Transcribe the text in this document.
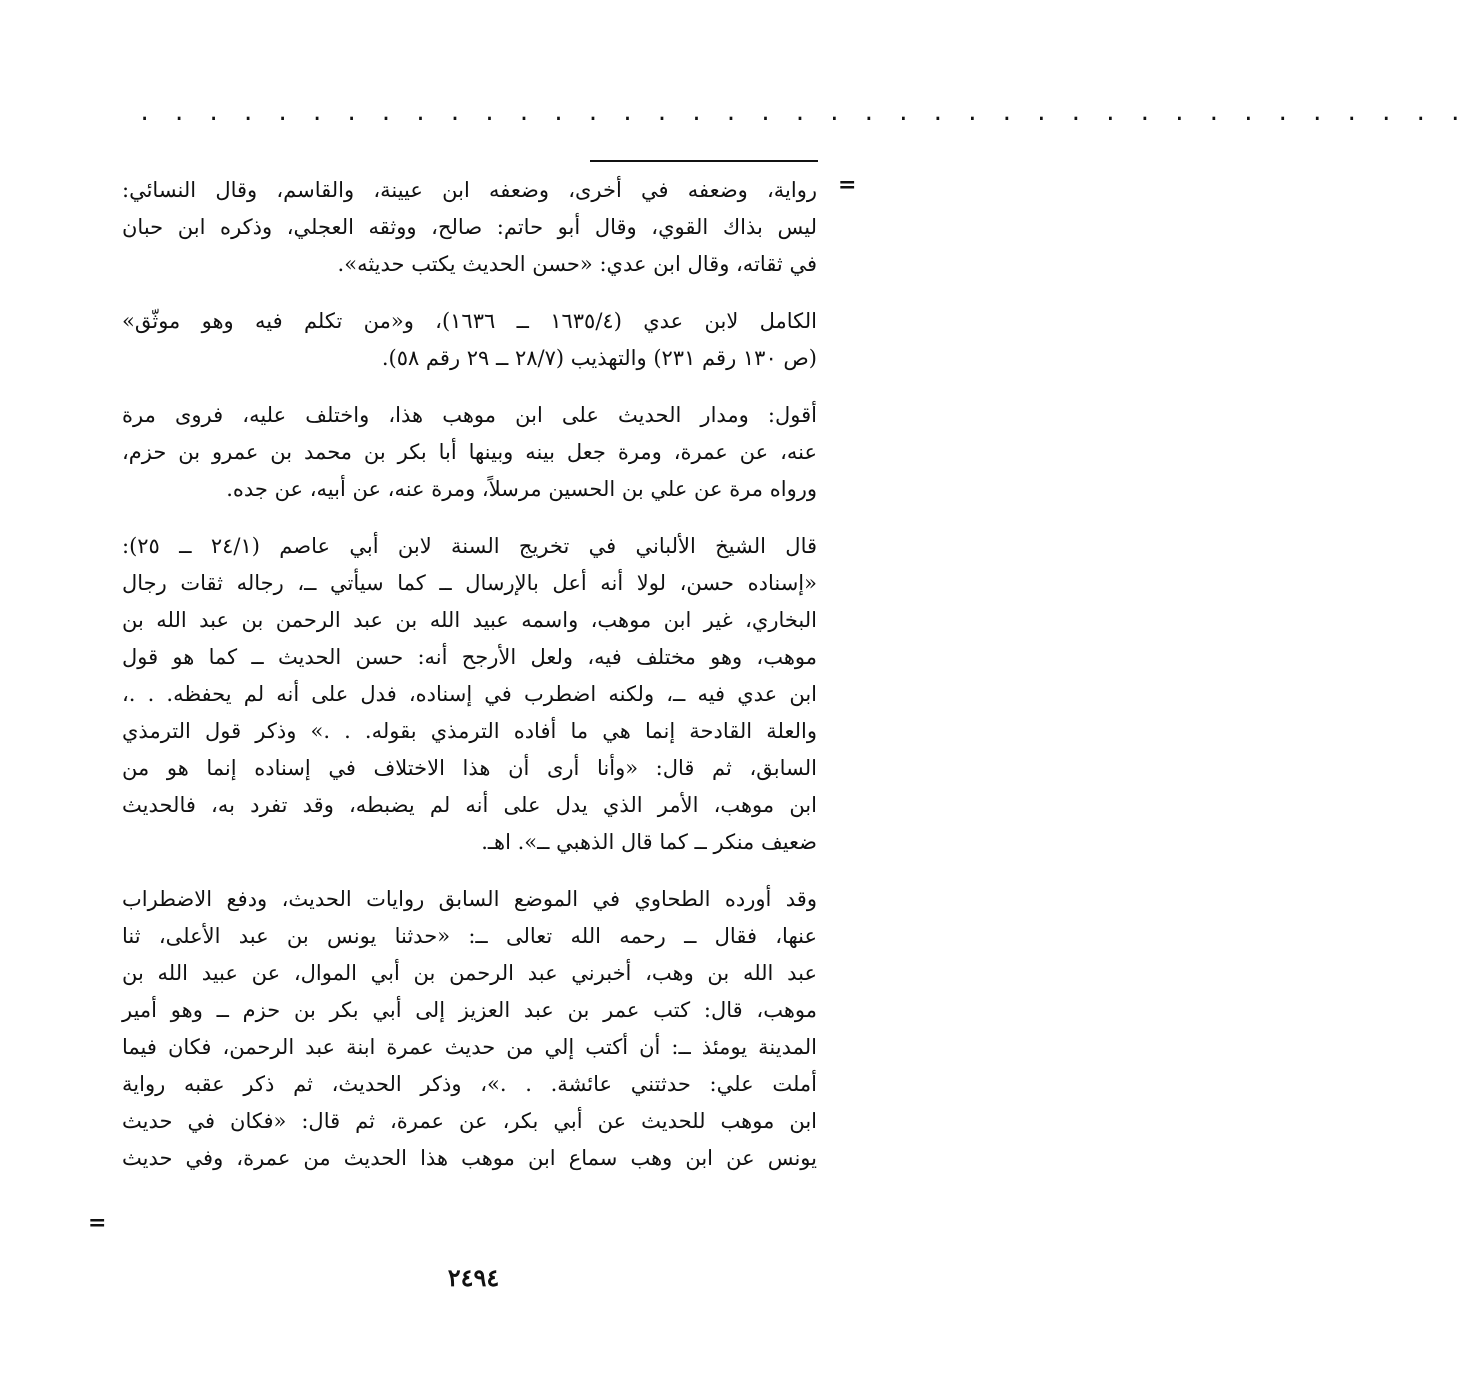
· · · · · · · · · · · · · · · · · · · · · · · · · · · · · · · · · · · · · · ·
=
=
رواية، وضعفه في أخرى، وضعفه ابن عيينة، والقاسم، وقال النسائي:
ليس بذاك القوي، وقال أبو حاتم: صالح، ووثقه العجلي، وذكره ابن حبان
في ثقاته، وقال ابن عدي: «حسن الحديث يكتب حديثه».
الكامل لابن عدي (١٦٣٥/٤ ــ ١٦٣٦)، و«من تكلم فيه وهو موثّق»
(ص ١٣٠ رقم ٢٣١) والتهذيب (٢٨/٧ ــ ٢٩ رقم ٥٨).
أقول: ومدار الحديث على ابن موهب هذا، واختلف عليه، فروى مرة
عنه، عن عمرة، ومرة جعل بينه وبينها أبا بكر بن محمد بن عمرو بن حزم،
ورواه مرة عن علي بن الحسين مرسلاً، ومرة عنه، عن أبيه، عن جده.
قال الشيخ الألباني في تخريج السنة لابن أبي عاصم (٢٤/١ ــ ٢٥):
«إسناده حسن، لولا أنه أعل بالإرسال ــ كما سيأتي ــ، رجاله ثقات رجال
البخاري، غير ابن موهب، واسمه عبيد الله بن عبد الرحمن بن عبد الله بن
موهب، وهو مختلف فيه، ولعل الأرجح أنه: حسن الحديث ــ كما هو قول
ابن عدي فيه ــ، ولكنه اضطرب في إسناده، فدل على أنه لم يحفظه. . .،
والعلة القادحة إنما هي ما أفاده الترمذي بقوله. . .» وذكر قول الترمذي
السابق، ثم قال: «وأنا أرى أن هذا الاختلاف في إسناده إنما هو من
ابن موهب، الأمر الذي يدل على أنه لم يضبطه، وقد تفرد به، فالحديث
ضعيف منكر ــ كما قال الذهبي ــ». اهـ.
وقد أورده الطحاوي في الموضع السابق روايات الحديث، ودفع الاضطراب
عنها، فقال ــ رحمه الله تعالى ــ: «حدثنا يونس بن عبد الأعلى، ثنا
عبد الله بن وهب، أخبرني عبد الرحمن بن أبي الموال، عن عبيد الله بن
موهب، قال: كتب عمر بن عبد العزيز إلى أبي بكر بن حزم ــ وهو أمير
المدينة يومئذ ــ: أن أكتب إلي من حديث عمرة ابنة عبد الرحمن، فكان فيما
أملت علي: حدثتني عائشة. . .»، وذكر الحديث، ثم ذكر عقبه رواية
ابن موهب للحديث عن أبي بكر، عن عمرة، ثم قال: «فكان في حديث
يونس عن ابن وهب سماع ابن موهب هذا الحديث من عمرة، وفي حديث
٢٤٩٤
